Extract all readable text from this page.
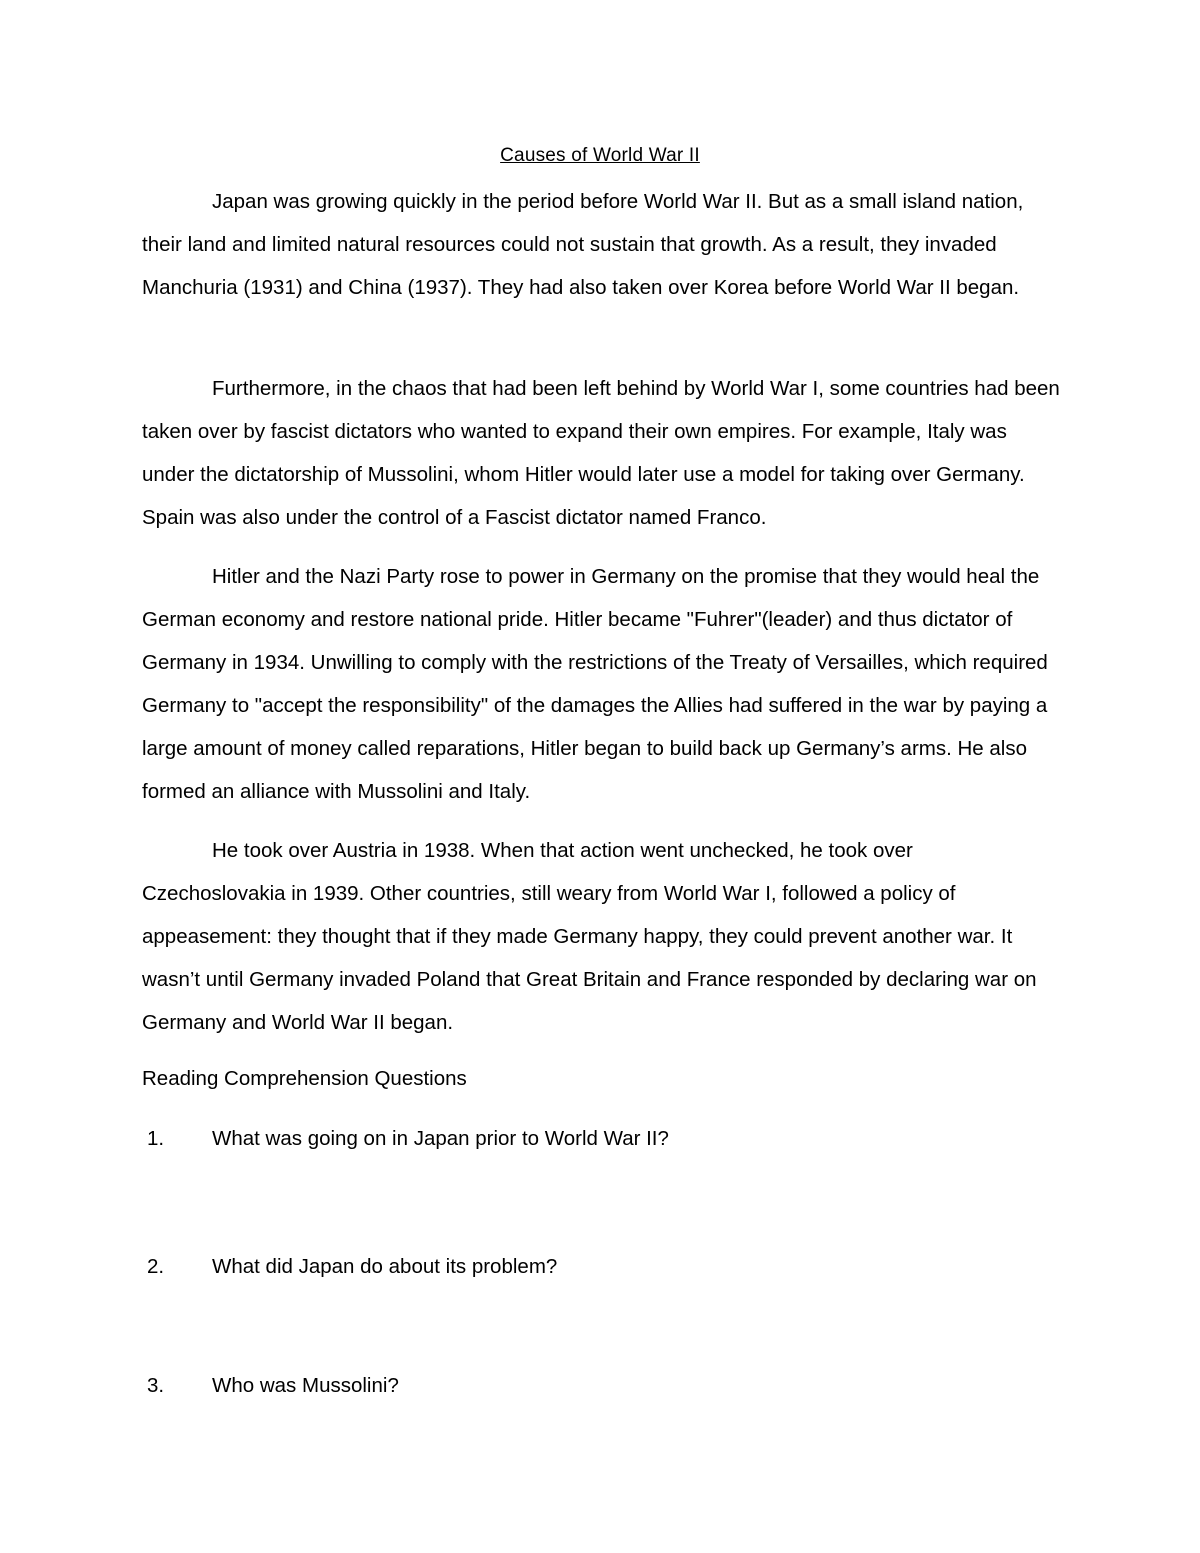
Causes of World War II

Japan was growing quickly in the period before World War II. But as a small island nation, their land and limited natural resources could not sustain that growth. As a result, they invaded Manchuria (1931) and China (1937). They had also taken over Korea before World War II began.

Furthermore, in the chaos that had been left behind by World War I, some countries had been taken over by fascist dictators who wanted to expand their own empires. For example, Italy was under the dictatorship of Mussolini, whom Hitler would later use a model for taking over Germany. Spain was also under the control of a Fascist dictator named Franco.

Hitler and the Nazi Party rose to power in Germany on the promise that they would heal the German economy and restore national pride. Hitler became "Fuhrer"(leader) and thus dictator of Germany in 1934. Unwilling to comply with the restrictions of the Treaty of Versailles, which required Germany to "accept the responsibility" of the damages the Allies had suffered in the war by paying a large amount of money called reparations, Hitler began to build back up Germany’s arms. He also formed an alliance with Mussolini and Italy.

He took over Austria in 1938. When that action went unchecked, he took over Czechoslovakia in 1939. Other countries, still weary from World War I, followed a policy of appeasement: they thought that if they made Germany happy, they could prevent another war. It wasn’t until Germany invaded Poland that Great Britain and France responded by declaring war on Germany and World War II began.

Reading Comprehension Questions
1.	What was going on in Japan prior to World War II?
2.	What did Japan do about its problem?
3.	Who was Mussolini?
